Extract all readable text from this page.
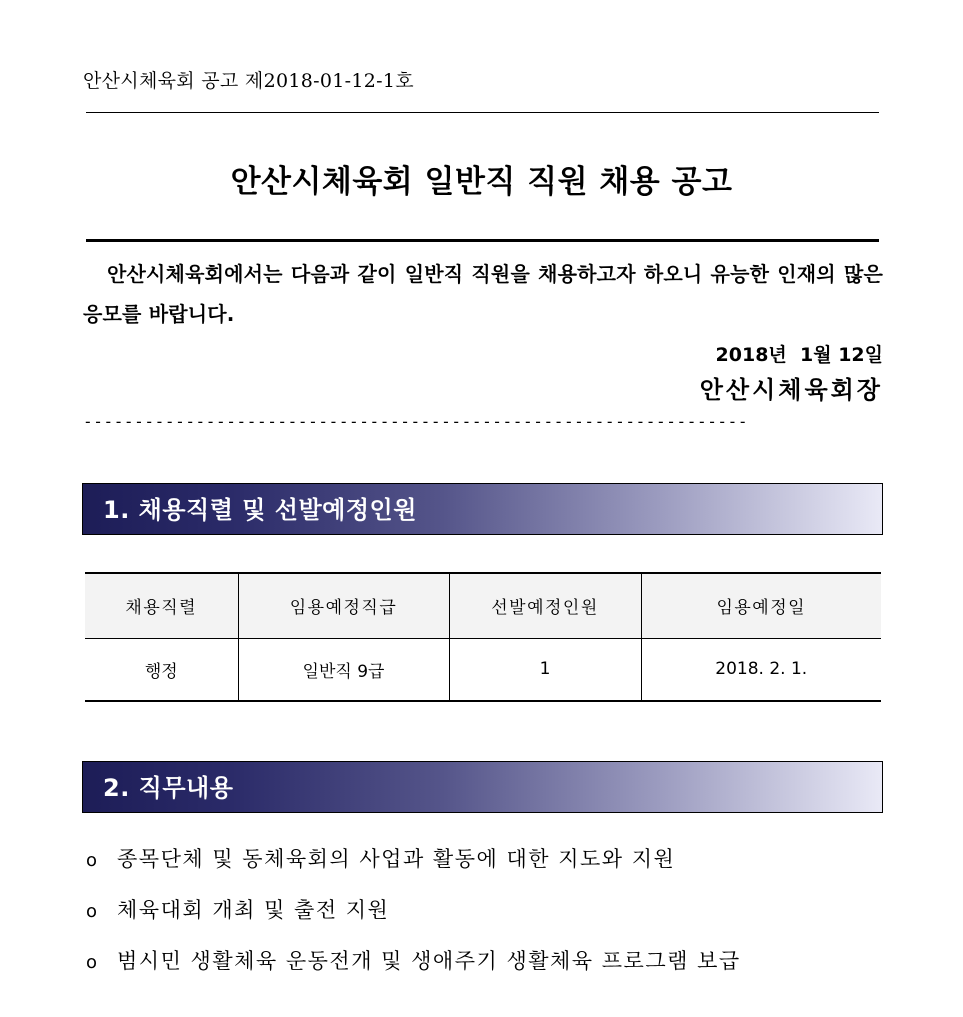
안산시체육회 공고 제2018-01-12-1호
안산시체육회 일반직 직원 채용 공고
안산시체육회에서는 다음과 같이 일반직 직원을 채용하고자 하오니 유능한 인재의 많은 응모를 바랍니다.
2018년  1월 12일
안산시체육회장
-----------------------------------------------------------------
1. 채용직렬 및 선발예정인원
채용직렬	임용예정직급	선발예정인원	임용예정일
행정	일반직 9급	1	2018. 2. 1.
2. 직무내용
o 종목단체 및 동체육회의 사업과 활동에 대한 지도와 지원
o 체육대회 개최 및 출전 지원
o 범시민 생활체육 운동전개 및 생애주기 생활체육 프로그램 보급
